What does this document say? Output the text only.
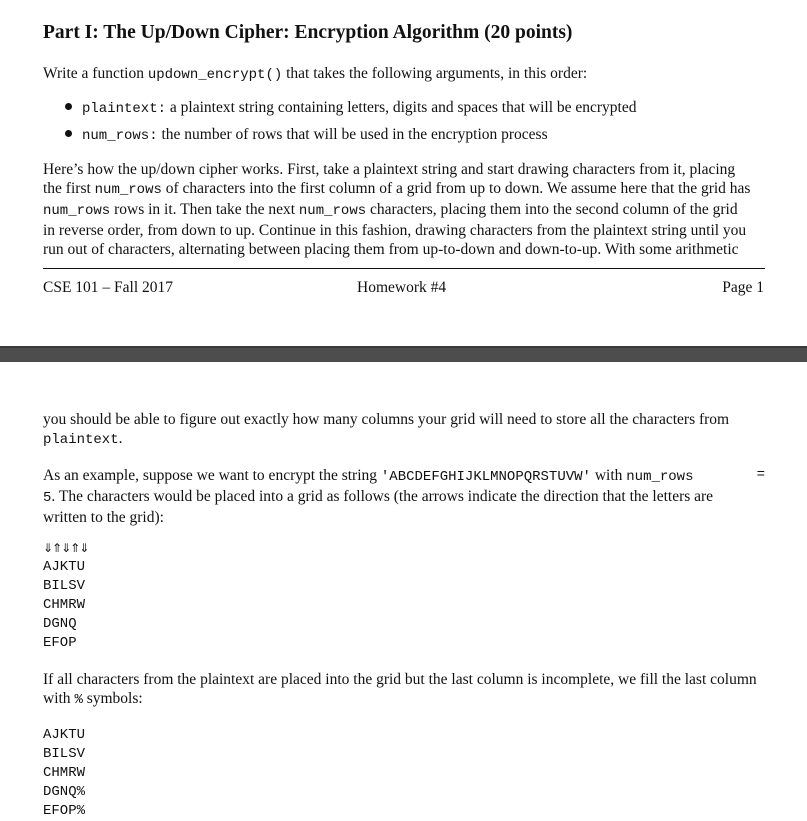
Part I: The Up/Down Cipher: Encryption Algorithm (20 points)
Write a function updown_encrypt() that takes the following arguments, in this order:
plaintext: a plaintext string containing letters, digits and spaces that will be encrypted
num_rows: the number of rows that will be used in the encryption process
Here’s how the up/down cipher works. First, take a plaintext string and start drawing characters from it, placing
the first num_rows of characters into the first column of a grid from up to down. We assume here that the grid has
num_rows rows in it. Then take the next num_rows characters, placing them into the second column of the grid
in reverse order, from down to up. Continue in this fashion, drawing characters from the plaintext string until you
run out of characters, alternating between placing them from up-to-down and down-to-up. With some arithmetic
CSE 101 – Fall 2017	Homework #4	Page 1
you should be able to figure out exactly how many columns your grid will need to store all the characters from
plaintext.
As an example, suppose we want to encrypt the string 'ABCDEFGHIJKLMNOPQRSTUVW' with num_rows	=
5. The characters would be placed into a grid as follows (the arrows indicate the direction that the letters are
written to the grid):
⇓⇑⇓⇑⇓
AJKTU
BILSV
CHMRW
DGNQ
EFOP
If all characters from the plaintext are placed into the grid but the last column is incomplete, we fill the last column
with % symbols:
AJKTU
BILSV
CHMRW
DGNQ%
EFOP%
